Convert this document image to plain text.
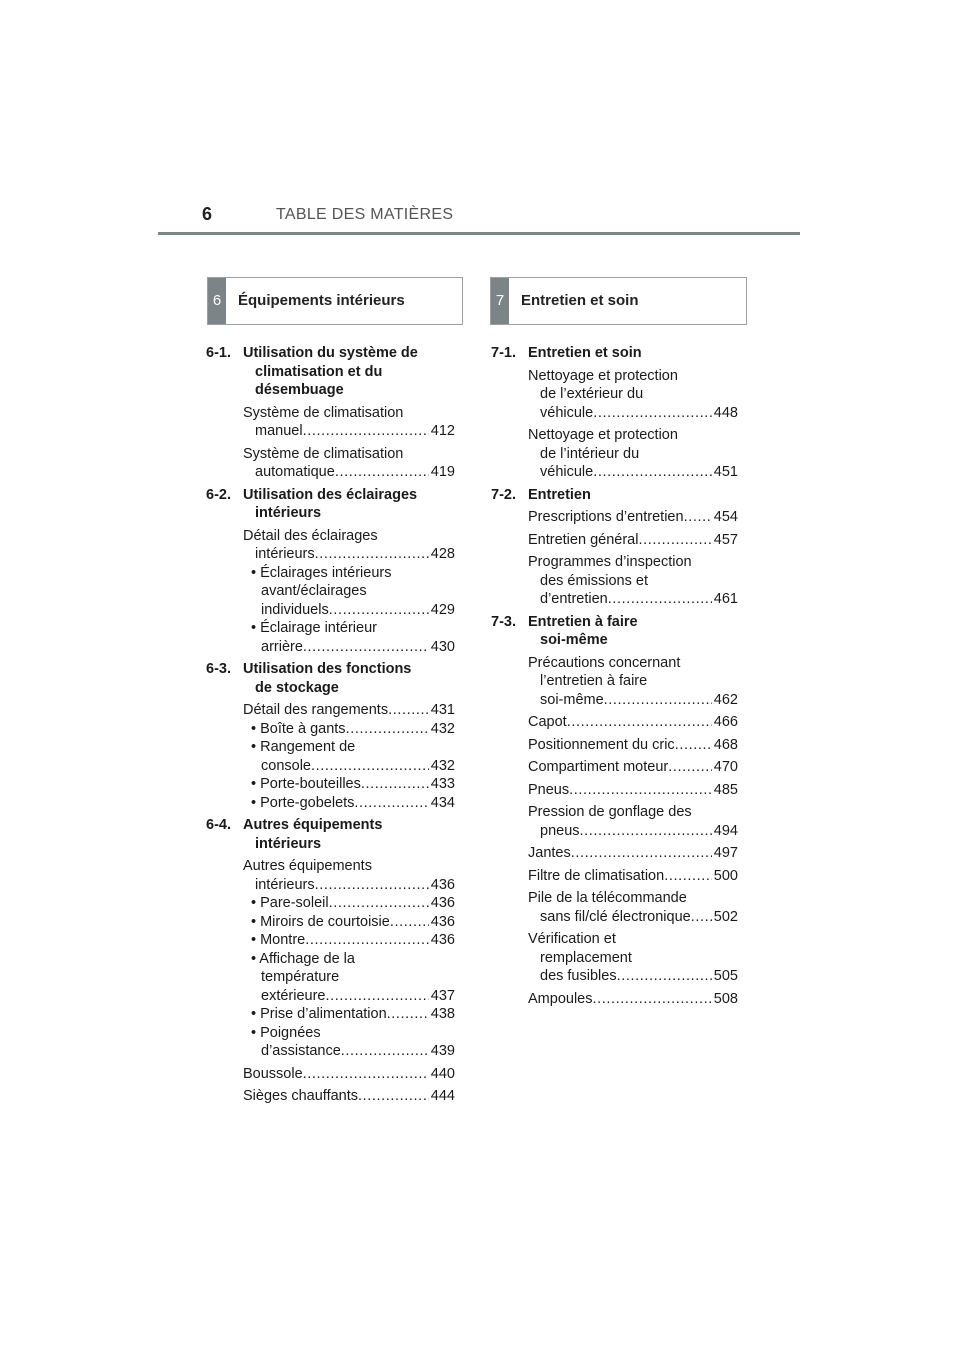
6	TABLE DES MATIÈRES
6	Équipements intérieurs	7	Entretien et soin
6-1. Utilisation du système de
climatisation et du
désembuage
Système de climatisation
manuel .....	412
Système de climatisation
automatique .....	419
6-2. Utilisation des éclairages
intérieurs
Détail des éclairages
intérieurs .....	428
• Éclairages intérieurs
avant/éclairages
individuels .....	429
• Éclairage intérieur
arrière .....	430
6-3. Utilisation des fonctions
de stockage
Détail des rangements .....	431
• Boîte à gants .....	432
• Rangement de
console .....	432
• Porte-bouteilles .....	433
• Porte-gobelets .....	434
6-4. Autres équipements
intérieurs
Autres équipements
intérieurs .....	436
• Pare-soleil .....	436
• Miroirs de courtoisie .....	436
• Montre .....	436
• Affichage de la
température
extérieure .....	437
• Prise d’alimentation .....	438
• Poignées
d’assistance .....	439
Boussole .....	440
Sièges chauffants .....	444
7-1. Entretien et soin
Nettoyage et protection
de l’extérieur du
véhicule .....	448
Nettoyage et protection
de l’intérieur du
véhicule .....	451
7-2. Entretien
Prescriptions d’entretien ..... 454
Entretien général .....	457
Programmes d’inspection
des émissions et
d’entretien .....	461
7-3. Entretien à faire
soi-même
Précautions concernant
l’entretien à faire
soi-même .....	462
Capot .....	466
Positionnement du cric .....	468
Compartiment moteur .....	470
Pneus .....	485
Pression de gonflage des
pneus .....	494
Jantes .....	497
Filtre de climatisation .....	500
Pile de la télécommande
sans fil/clé électronique ..... 502
Vérification et
remplacement
des fusibles .....	505
Ampoules .....	508
